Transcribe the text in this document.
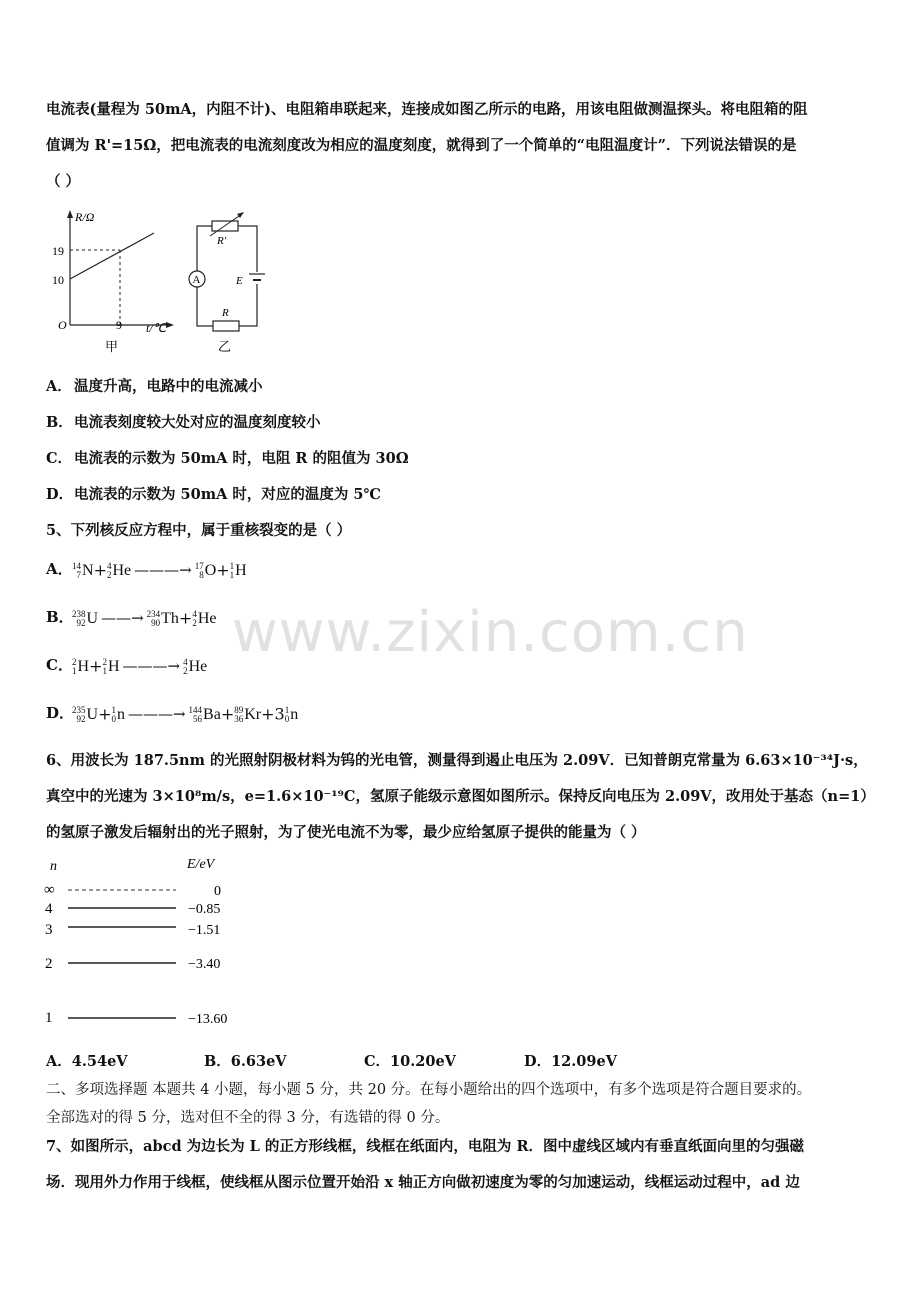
电流表(量程为 50mA，内阻不计)、电阻箱串联起来，连接成如图乙所示的电路，用该电阻做测温探头。将电阻箱的阻
值调为 R'=15Ω，把电流表的电流刻度改为相应的温度刻度，就得到了一个简单的“电阻温度计”．下列说法错误的是
（ ）
R/Ω
19
10
O	9 t/℃
甲
R'
A	E
R
乙
A． 温度升高，电路中的电流减小
B．电流表刻度较大处对应的温度刻度较小
C． 电流表的示数为 50mA 时，电阻 R 的阻值为 30Ω
D．电流表的示数为 50mA 时，对应的温度为 5℃
5、下列核反应方程中，属于重核裂变的是（ ）
A． 14
7 N+ 4
2 He ———→ 17
8 O+ 1
1 H
B．
238
92 U ——→ 234
90 Th+ 4
2 He
C． 2
1 H+ 2
1 H ———→ 4
2 He
D．
235
92 U+ 1
0 n ———→ 144
56 Ba+ 89
36 Kr+3 1
0 n
www.zixin.com.cn
6、用波长为 187.5nm 的光照射阴极材料为钨的光电管，测量得到遏止电压为 2.09V．已知普朗克常量为 6.63×10⁻³⁴J·s，
真空中的光速为 3×10⁸m/s，e=1.6×10⁻¹⁹C，氢原子能级示意图如图所示。保持反向电压为 2.09V，改用处于基态（n=1）
的氢原子激发后辐射出的光子照射，为了使光电流不为零，最少应给氢原子提供的能量为（ ）
n	E/eV
∞	0
4	−0.85
3	−1.51
2	−3.40
1	−13.60
A．4.54eV	B．6.63eV	C．10.20eV	D．12.09eV
二、多项选择题 本题共 4 小题，每小题 5 分，共 20 分。在每小题给出的四个选项中，有多个选项是符合题目要求的。
全部选对的得 5 分，选对但不全的得 3 分，有选错的得 0 分。
7、如图所示，abcd 为边长为 L 的正方形线框，线框在纸面内，电阻为 R．图中虚线区域内有垂直纸面向里的匀强磁
场．现用外力作用于线框，使线框从图示位置开始沿 x 轴正方向做初速度为零的匀加速运动，线框运动过程中，ad 边
